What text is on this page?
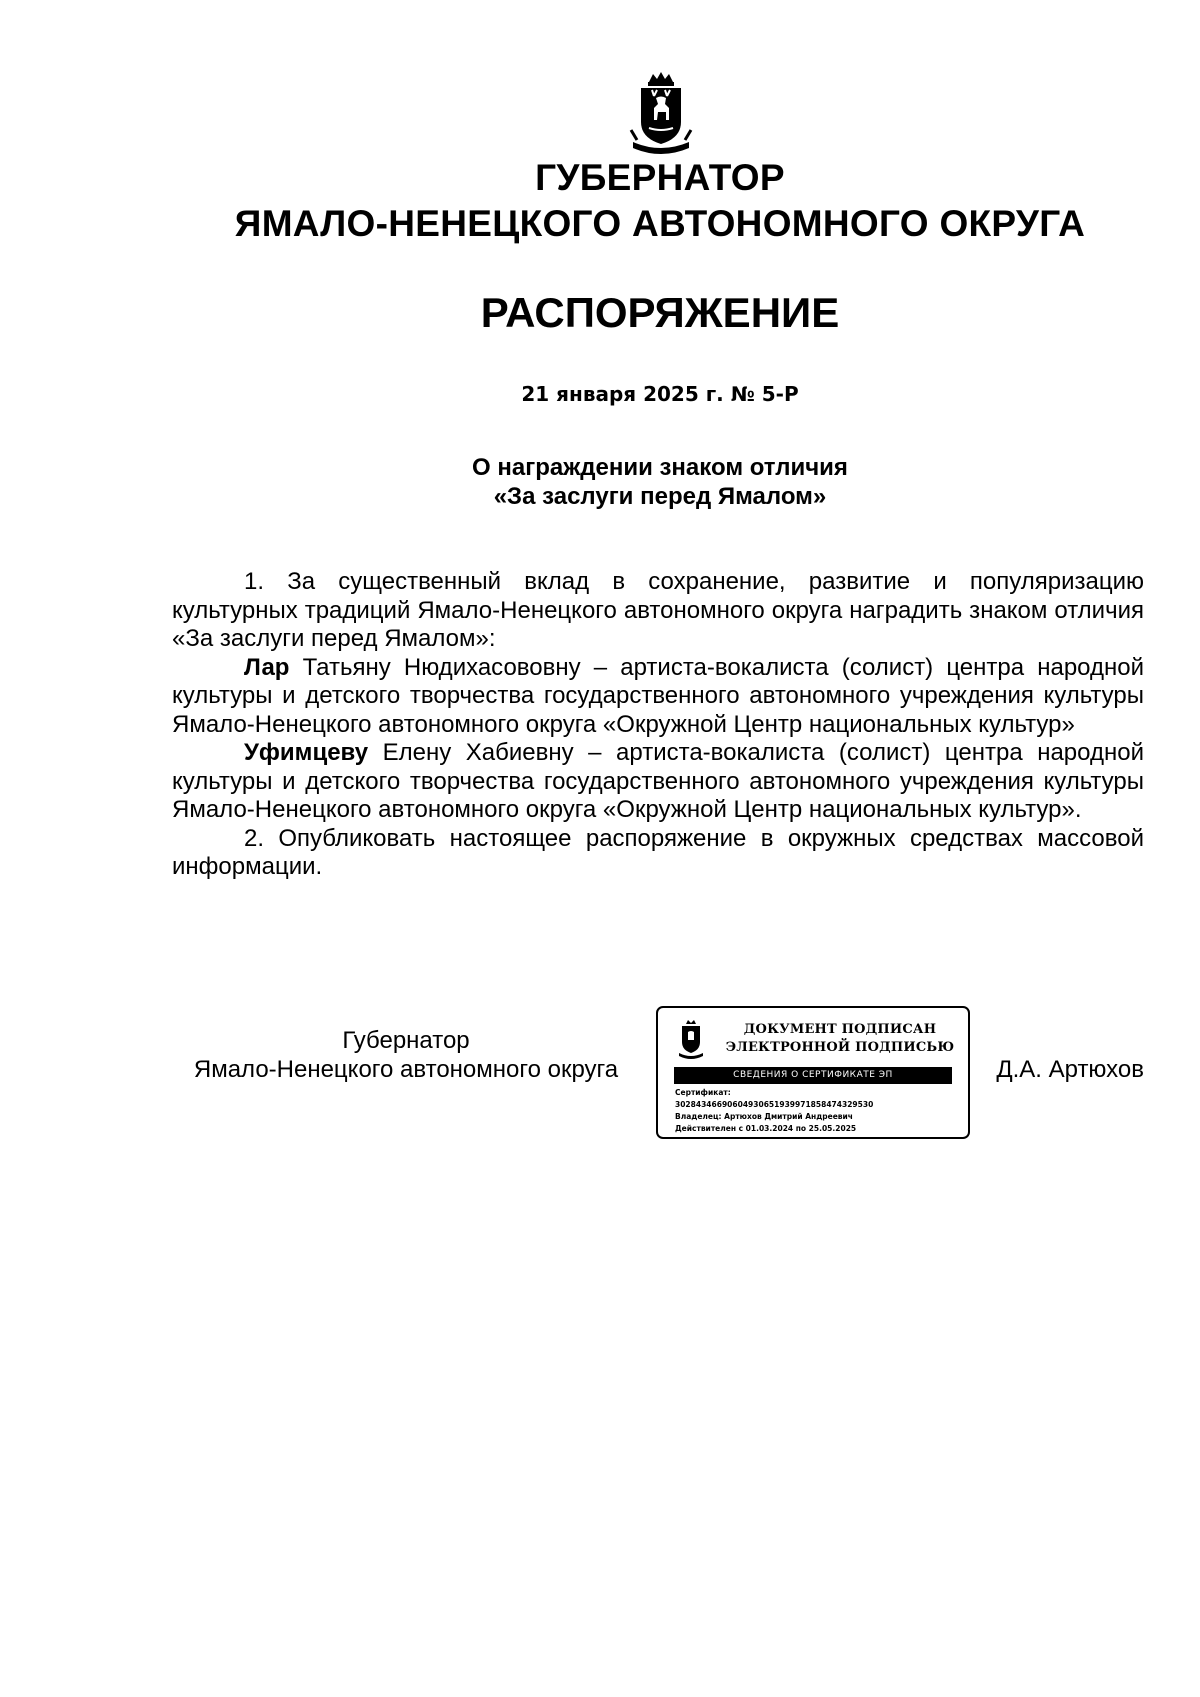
ГУБЕРНАТОР
ЯМАЛО-НЕНЕЦКОГО АВТОНОМНОГО ОКРУГА
РАСПОРЯЖЕНИЕ
21 января 2025 г. № 5-Р
О награждении знаком отличия
«За заслуги перед Ямалом»

1. За существенный вклад в сохранение, развитие и популяризацию культурных традиций Ямало-Ненецкого автономного округа наградить знаком отличия «За заслуги перед Ямалом»:

Лар Татьяну Нюдихасововну – артиста-вокалиста (солист) центра народной культуры и детского творчества государственного автономного учреждения культуры Ямало-Ненецкого автономного округа «Окружной Центр национальных культур»

Уфимцеву Елену Хабиевну – артиста-вокалиста (солист) центра народной культуры и детского творчества государственного автономного учреждения культуры Ямало-Ненецкого автономного округа «Окружной Центр национальных культур».

2. Опубликовать настоящее распоряжение в окружных средствах массовой информации.

Губернатор
Ямало-Ненецкого автономного округа
ДОКУМЕНТ ПОДПИСАН
ЭЛЕКТРОННОЙ ПОДПИСЬЮ
СВЕДЕНИЯ О СЕРТИФИКАТЕ ЭП
Сертификат:
30284346690604930651939971858474329530
Владелец: Артюхов Дмитрий Андреевич
Действителен с 01.03.2024 по 25.05.2025
Д.А. Артюхов
